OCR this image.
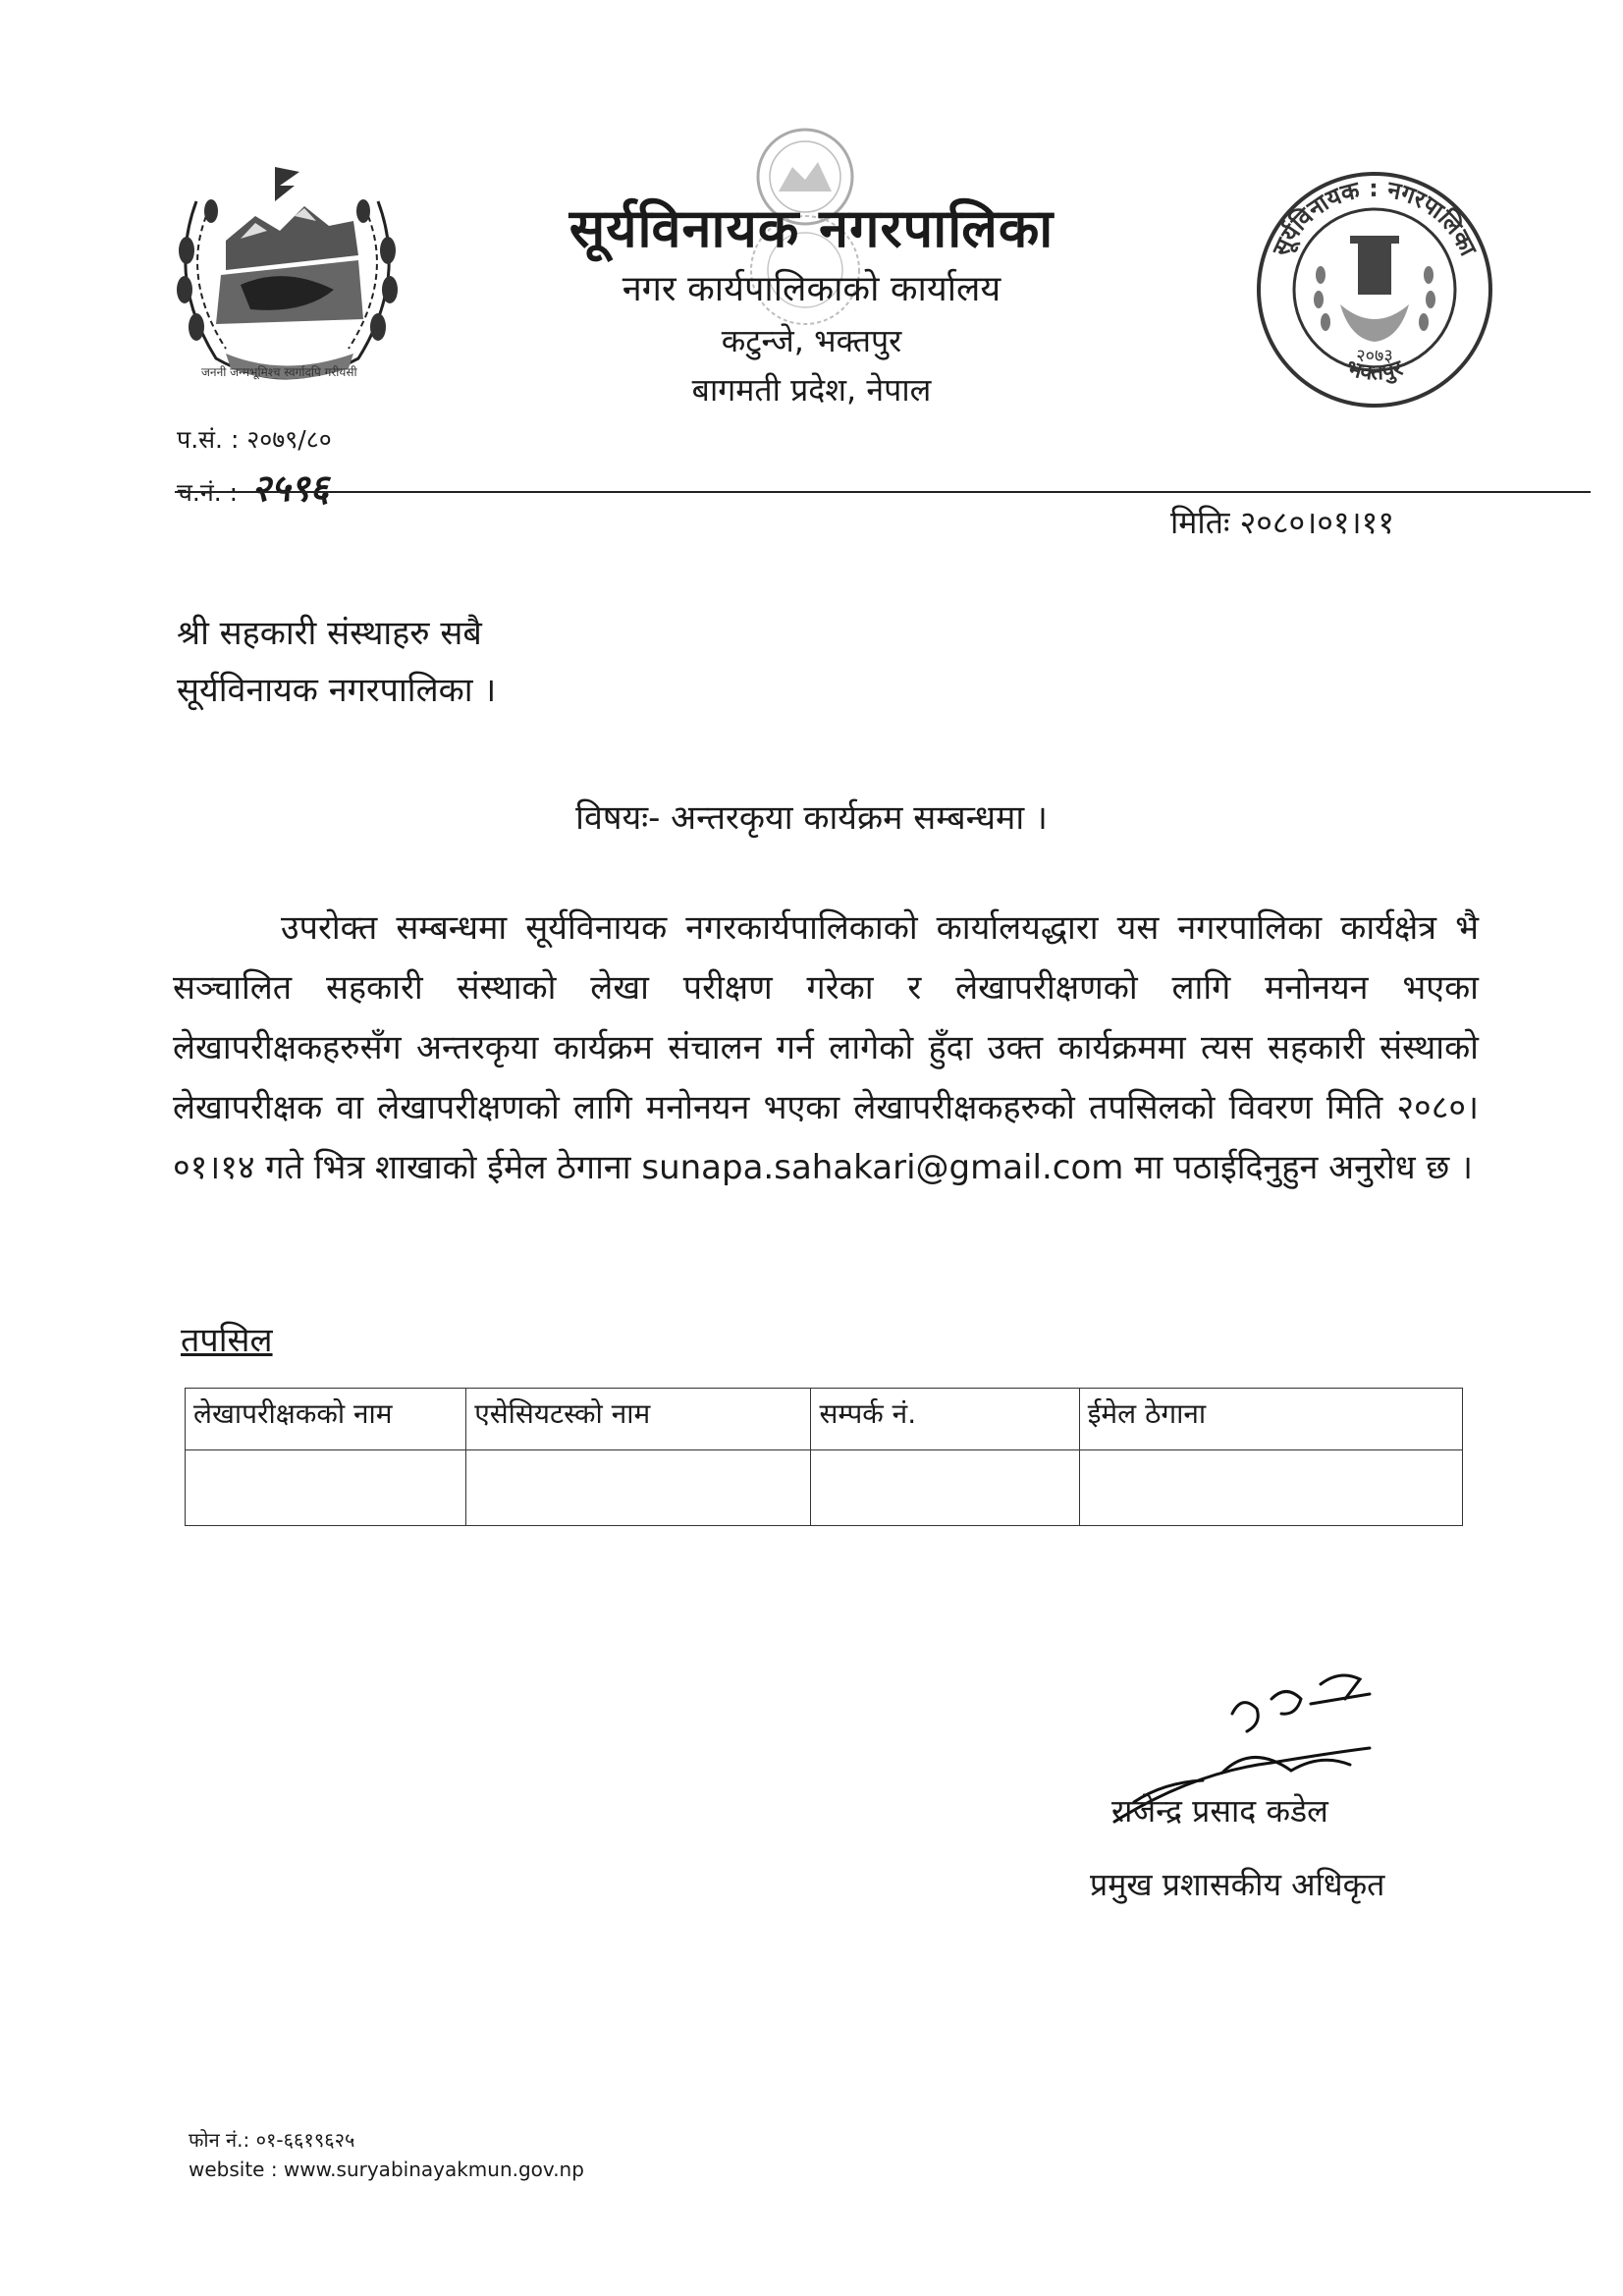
जननी जन्मभूमिश्च स्वर्गादपि गरीयसी
सूर्यविनायक : नगरपालिका
भक्तपुर
२०७३
सूर्यविनायक नगरपालिका
नगर कार्यपालिकाको कार्यालय
कटुन्जे, भक्तपुर
बागमती प्रदेश, नेपाल
प.सं. : २०७९/८०
च.नं. : २५९६
मितिः २०८०।०१।११
श्री सहकारी संस्थाहरु सबै
सूर्यविनायक नगरपालिका ।
विषयः- अन्तरकृया कार्यक्रम सम्बन्धमा ।

उपरोक्त सम्बन्धमा सूर्यविनायक नगरकार्यपालिकाको कार्यालयद्धारा यस नगरपालिका कार्यक्षेत्र भै सञ्चालित सहकारी संस्थाको लेखा परीक्षण गरेका र लेखापरीक्षणको लागि मनोनयन भएका लेखापरीक्षकहरुसँग अन्तरकृया कार्यक्रम संचालन गर्न लागेको हुँदा उक्त कार्यक्रममा त्यस सहकारी संस्थाको लेखापरीक्षक वा लेखापरीक्षणको लागि मनोनयन भएका लेखापरीक्षकहरुको तपसिलको विवरण मिति २०८०।०१।१४ गते भित्र शाखाको ईमेल ठेगाना sunapa.sahakari@gmail.com मा पठाईदिनुहुन अनुरोध छ ।

तपसिल
लेखापरीक्षकको नाम	एसेसियटस्को नाम	सम्पर्क नं.	ईमेल ठेगाना

राजेन्द्र प्रसाद कडेल
प्रमुख प्रशासकीय अधिकृत
फोन नं.: ०१-६६१९६२५
website : www.suryabinayakmun.gov.np
